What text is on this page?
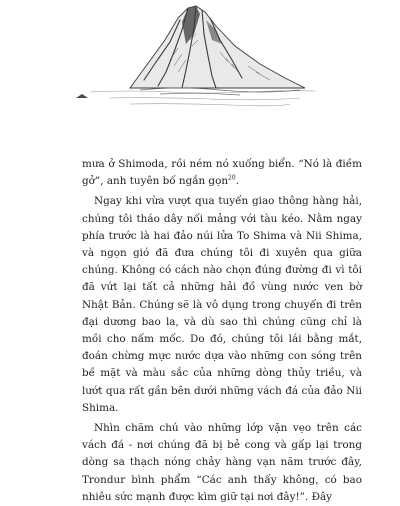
mưa ở Shimoda, rồi ném nó xuống biển. “Nó là điềm gở”, anh tuyên bố ngắn gọn$^{20}$.

Ngay khi vừa vượt qua tuyến giao thông hàng hải, chúng tôi tháo dây nối mảng với tàu kéo. Nằm ngay phía trước là hai đảo núi lửa To Shima và Nii Shima, và ngọn gió đã đưa chúng tôi đi xuyên qua giữa chúng. Không có cách nào chọn đúng đường đi vì tôi đã vứt lại tất cả những hải đồ vùng nước ven bờ Nhật Bản. Chúng sẽ là vô dụng trong chuyến đi trên đại dương bao la, và dù sao thì chúng cũng chỉ là mồi cho nấm mốc. Do đó, chúng tôi lái bằng mắt, đoán chừng mực nước dựa vào những con sóng trên bề mặt và màu sắc của những dòng thủy triều, và lướt qua rất gần bên dưới những vách đá của đảo Nii Shima.

Nhìn chăm chú vào những lớp vặn vẹo trên các vách đá - nơi chúng đã bị bẻ cong và gấp lại trong dòng sa thạch nóng chảy hàng vạn năm trước đây, Trondur bình phẩm “Các anh thấy không, có bao nhiêu sức mạnh được kìm giữ tại nơi đây!”. Đây
